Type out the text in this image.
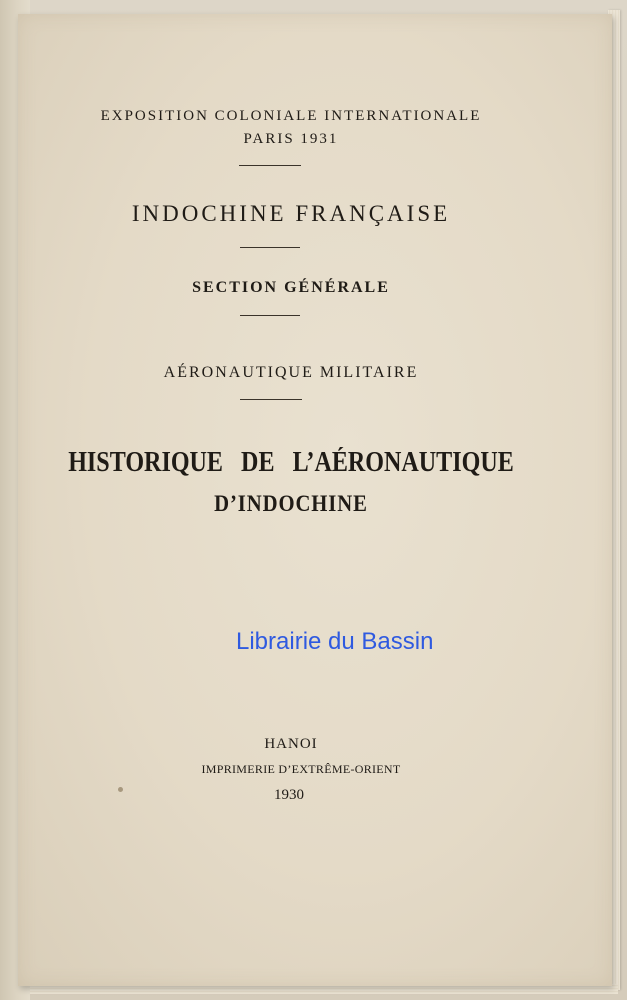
EXPOSITION COLONIALE INTERNATIONALE
PARIS 1931
INDOCHINE FRANÇAISE
SECTION GÉNÉRALE
AÉRONAUTIQUE MILITAIRE
HISTORIQUE DE L’AÉRONAUTIQUE
D’INDOCHINE
Librairie du Bassin
HANOI
IMPRIMERIE D’EXTRÊME-ORIENT
1930
